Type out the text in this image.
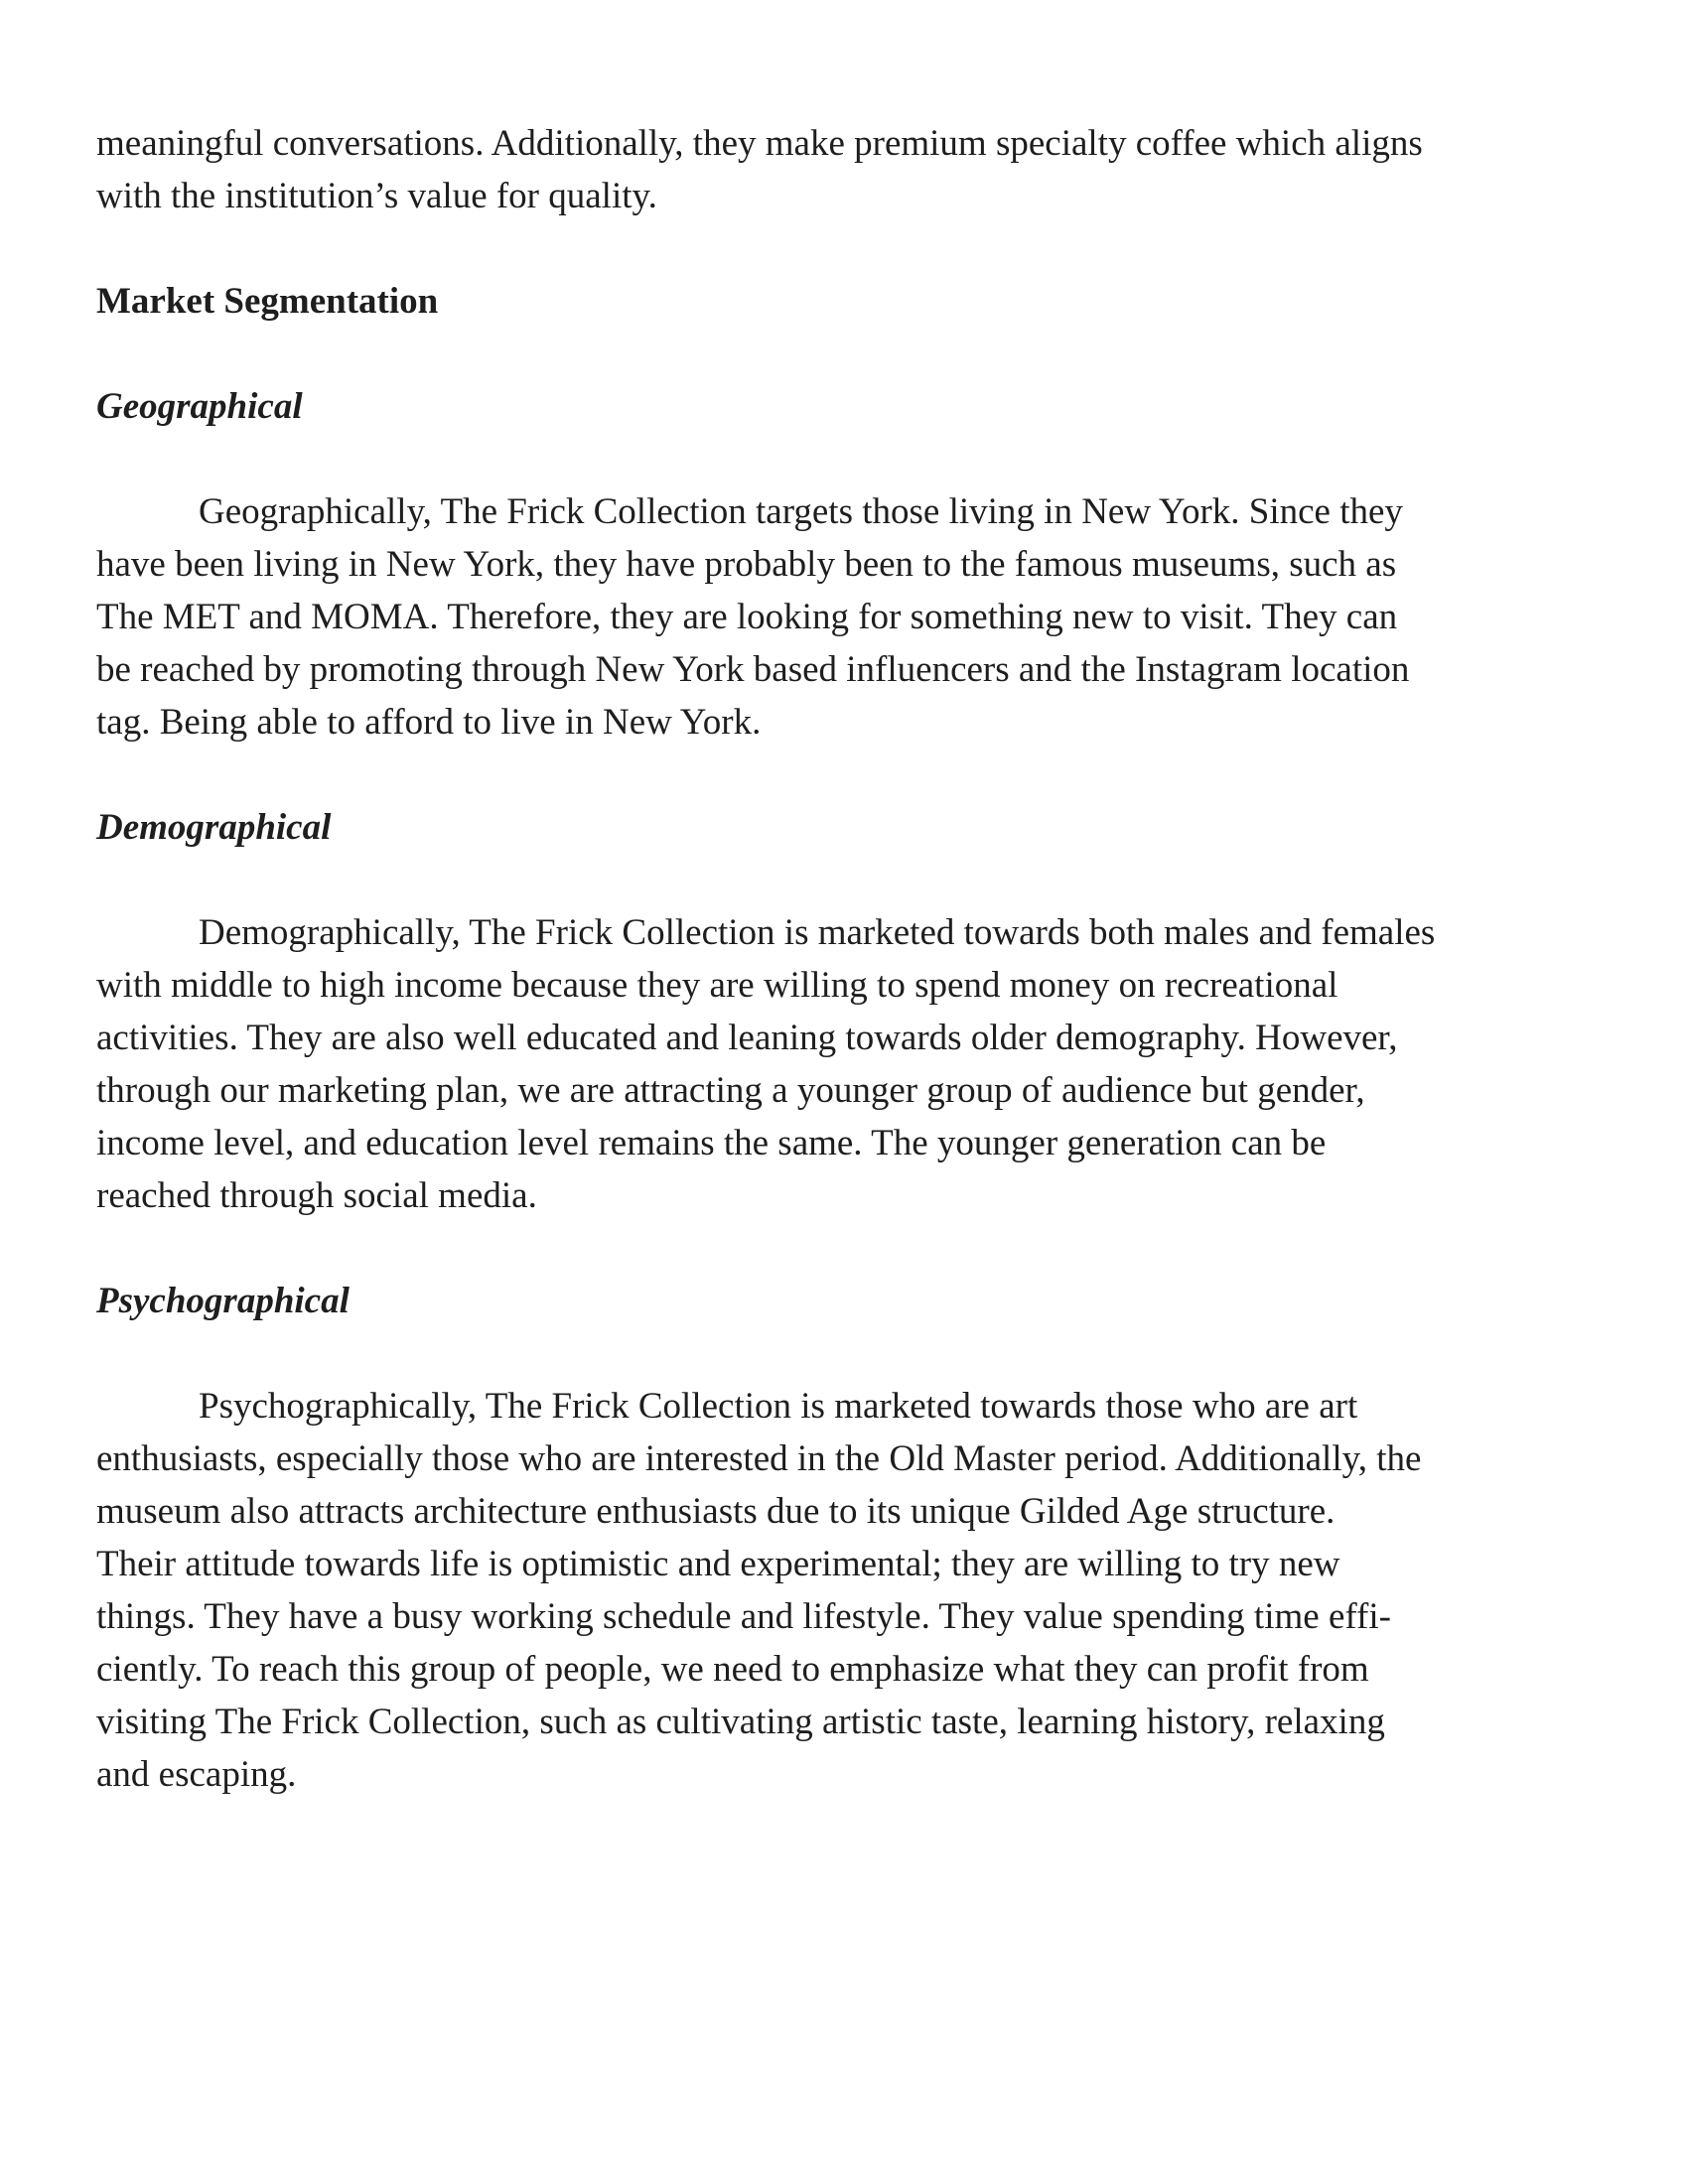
meaningful conversations. Additionally, they make premium specialty coffee which aligns

with the institution’s value for quality.

Market Segmentation
Geographical

Geographically, The Frick Collection targets those living in New York. Since they

have been living in New York, they have probably been to the famous museums, such as

The MET and MOMA. Therefore, they are looking for something new to visit. They can

be reached by promoting through New York based influencers and the Instagram location

tag. Being able to afford to live in New York.

Demographical

Demographically, The Frick Collection is marketed towards both males and females

with middle to high income because they are willing to spend money on recreational

activities. They are also well educated and leaning towards older demography. However,

through our marketing plan, we are attracting a younger group of audience but gender,

income level, and education level remains the same. The younger generation can be

reached through social media.

Psychographical

Psychographically, The Frick Collection is marketed towards those who are art

enthusiasts, especially those who are interested in the Old Master period. Additionally, the

museum also attracts architecture enthusiasts due to its unique Gilded Age structure.

Their attitude towards life is optimistic and experimental; they are willing to try new

things. They have a busy working schedule and lifestyle. They value spending time effi-

ciently. To reach this group of people, we need to emphasize what they can profit from

visiting The Frick Collection, such as cultivating artistic taste, learning history, relaxing

and escaping.
